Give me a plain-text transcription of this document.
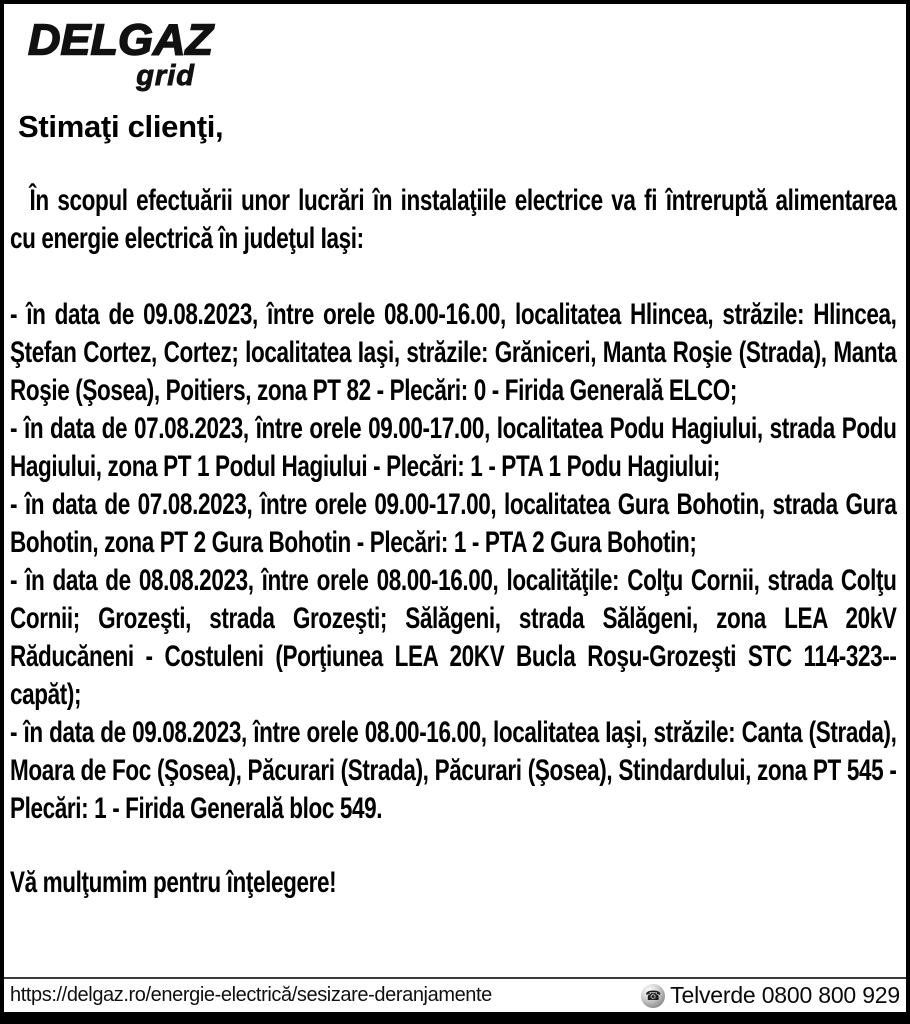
DELGAZ
grid
Stimaţi clienţi,

În scopul efectuării unor lucrări în instalaţiile electrice va fi întreruptă alimentarea cu energie electrică în judeţul Iaşi:

- în data de 09.08.2023, între orele 08.00-16.00, localitatea Hlincea, străzile: Hlincea, Ştefan Cortez, Cortez; localitatea Iaşi, străzile: Grăniceri, Manta Roşie (Strada), Manta Roşie (Şosea), Poitiers, zona PT 82 - Plecări: 0 - Firida Generală ELCO;

- în data de 07.08.2023, între orele 09.00-17.00, localitatea Podu Hagiului, strada Podu Hagiului, zona PT 1 Podul Hagiului - Plecări: 1 - PTA 1 Podu Hagiului;

- în data de 07.08.2023, între orele 09.00-17.00, localitatea Gura Bohotin, strada Gura Bohotin, zona PT 2 Gura Bohotin - Plecări: 1 - PTA 2 Gura Bohotin;

- în data de 08.08.2023, între orele 08.00-16.00, localităţile: Colţu Cornii, strada Colţu Cornii; Grozeşti, strada Grozeşti; Sălăgeni, strada Sălăgeni, zona LEA 20kV Răducăneni - Costuleni (Porţiunea LEA 20KV Bucla Roşu-Grozeşti STC 114-323--capăt);

- în data de 09.08.2023, între orele 08.00-16.00, localitatea Iaşi, străzile: Canta (Strada), Moara de Foc (Şosea), Păcurari (Strada), Păcurari (Şosea), Stindardului, zona PT 545 - Plecări: 1 - Firida Generală bloc 549.

Vă mulţumim pentru înţelegere!

https://delgaz.ro/energie-electrică/sesizare-deranjamente	☎ Telverde 0800 800 929
